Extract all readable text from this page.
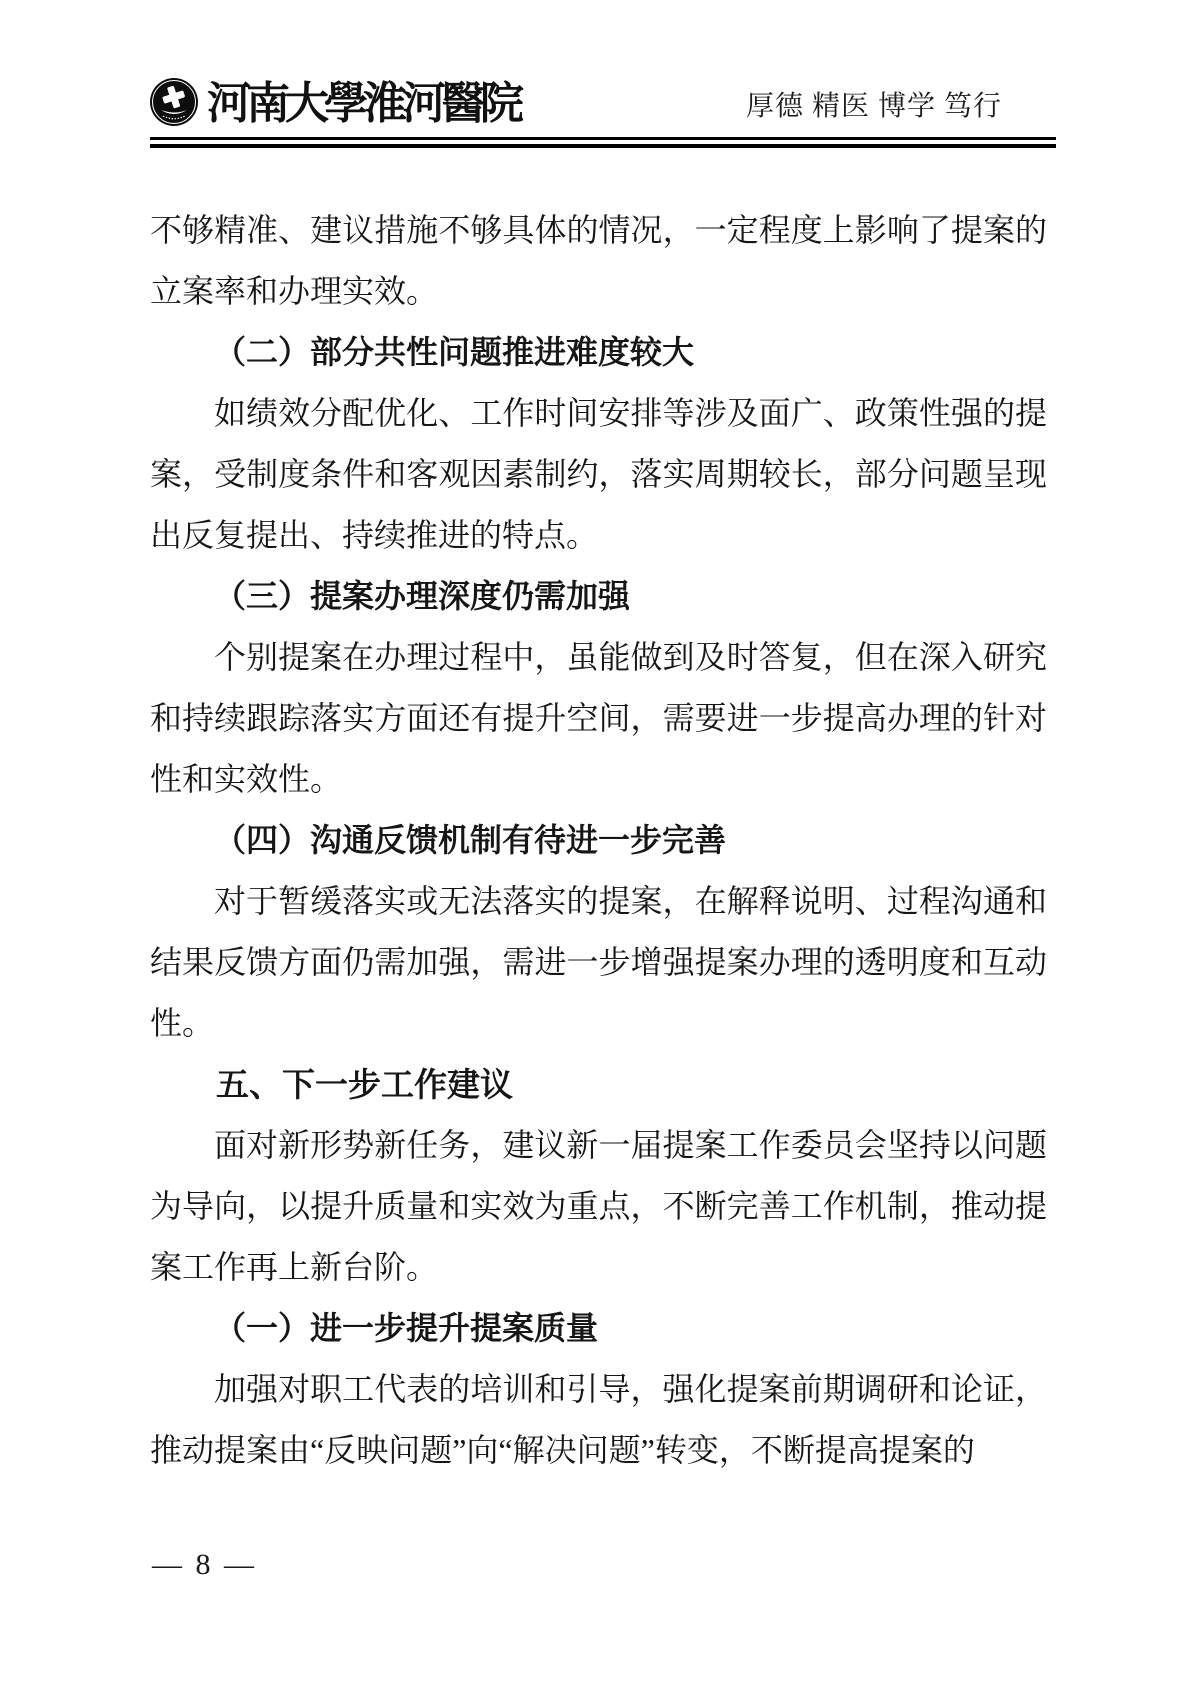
河南大學淮河醫院	厚德 精医 博学 笃行

不够精准、建议措施不够具体的情况，一定程度上影响了提案的立案率和办理实效。

（二）部分共性问题推进难度较大

如绩效分配优化、工作时间安排等涉及面广、政策性强的提案，受制度条件和客观因素制约，落实周期较长，部分问题呈现出反复提出、持续推进的特点。

（三）提案办理深度仍需加强

个别提案在办理过程中，虽能做到及时答复，但在深入研究和持续跟踪落实方面还有提升空间，需要进一步提高办理的针对性和实效性。

（四）沟通反馈机制有待进一步完善

对于暂缓落实或无法落实的提案，在解释说明、过程沟通和结果反馈方面仍需加强，需进一步增强提案办理的透明度和互动性。

五、下一步工作建议

面对新形势新任务，建议新一届提案工作委员会坚持以问题为导向，以提升质量和实效为重点，不断完善工作机制，推动提案工作再上新台阶。

（一）进一步提升提案质量

加强对职工代表的培训和引导，强化提案前期调研和论证，推动提案由“反映问题”向“解决问题”转变，不断提高提案的

— 8 —
